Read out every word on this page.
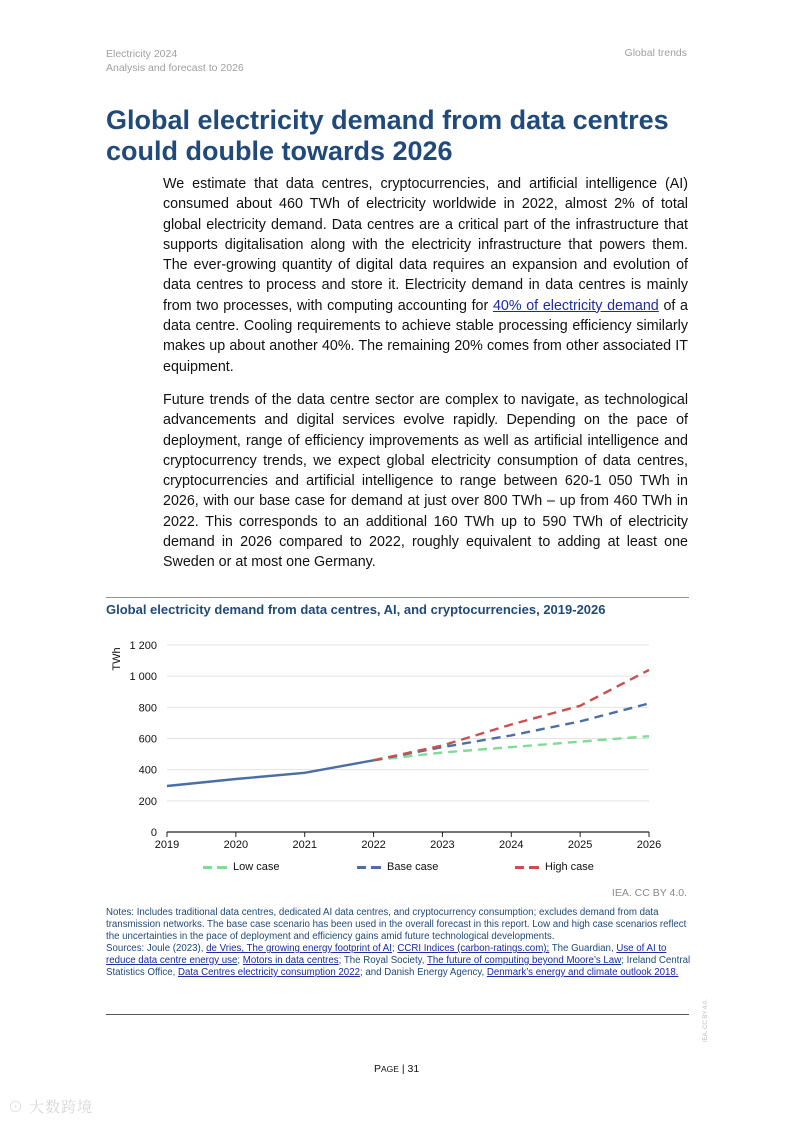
Electricity 2024
Analysis and forecast to 2026
Global trends
Global electricity demand from data centres could double towards 2026

We estimate that data centres, cryptocurrencies, and artificial intelligence (AI) consumed about 460 TWh of electricity worldwide in 2022, almost 2% of total global electricity demand. Data centres are a critical part of the infrastructure that supports digitalisation along with the electricity infrastructure that powers them. The ever-growing quantity of digital data requires an expansion and evolution of data centres to process and store it. Electricity demand in data centres is mainly from two processes, with computing accounting for 40% of electricity demand of a data centre. Cooling requirements to achieve stable processing efficiency similarly makes up about another 40%. The remaining 20% comes from other associated IT equipment.

Future trends of the data centre sector are complex to navigate, as technological advancements and digital services evolve rapidly. Depending on the pace of deployment, range of efficiency improvements as well as artificial intelligence and cryptocurrency trends, we expect global electricity consumption of data centres, cryptocurrencies and artificial intelligence to range between 620-1 050 TWh in 2026, with our base case for demand at just over 800 TWh – up from 460 TWh in 2022. This corresponds to an additional 160 TWh up to 590 TWh of electricity demand in 2026 compared to 2022, roughly equivalent to adding at least one Sweden or at most one Germany.

Global electricity demand from data centres, AI, and cryptocurrencies, 2019-2026
0
200
400
600
800
1 000
1 200
TWh
2019	2020	2021	2022	2023	2024	2025	2026
Low case	Base case	High case
IEA. CC BY 4.0.
Notes: Includes traditional data centres, dedicated AI data centres, and cryptocurrency consumption; excludes demand from data transmission networks. The base case scenario has been used in the overall forecast in this report. Low and high case scenarios reflect the uncertainties in the pace of deployment and efficiency gains amid future technological developments.
Sources: Joule (2023), de Vries, The growing energy footprint of AI; CCRI Indices (carbon-ratings.com); The Guardian, Use of AI to reduce data centre energy use; Motors in data centres; The Royal Society, The future of computing beyond Moore’s Law; Ireland Central Statistics Office, Data Centres electricity consumption 2022; and Danish Energy Agency, Denmark’s energy and climate outlook 2018.
PAGE | 31
IEA. CC BY 4.0.
⊙ 大数跨境
